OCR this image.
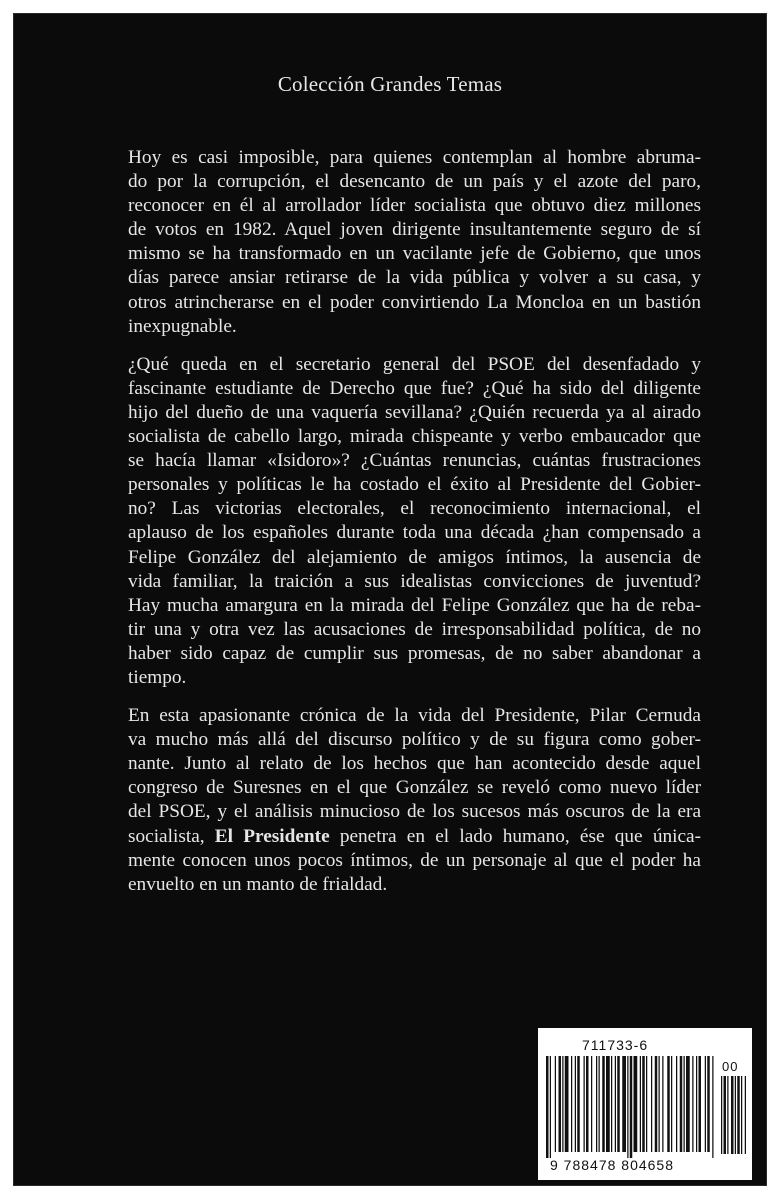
Colección Grandes Temas
Hoy es casi imposible, para quienes contemplan al hombre abruma-
do por la corrupción, el desencanto de un país y el azote del paro,
reconocer en él al arrollador líder socialista que obtuvo diez millones
de votos en 1982. Aquel joven dirigente insultantemente seguro de sí
mismo se ha transformado en un vacilante jefe de Gobierno, que unos
días parece ansiar retirarse de la vida pública y volver a su casa, y
otros atrincherarse en el poder convirtiendo La Moncloa en un bastión
inexpugnable.
¿Qué queda en el secretario general del PSOE del desenfadado y
fascinante estudiante de Derecho que fue? ¿Qué ha sido del diligente
hijo del dueño de una vaquería sevillana? ¿Quién recuerda ya al airado
socialista de cabello largo, mirada chispeante y verbo embaucador que
se hacía llamar «Isidoro»? ¿Cuántas renuncias, cuántas frustraciones
personales y políticas le ha costado el éxito al Presidente del Gobier-
no? Las victorias electorales, el reconocimiento internacional, el
aplauso de los españoles durante toda una década ¿han compensado a
Felipe González del alejamiento de amigos íntimos, la ausencia de
vida familiar, la traición a sus idealistas convicciones de juventud?
Hay mucha amargura en la mirada del Felipe González que ha de reba-
tir una y otra vez las acusaciones de irresponsabilidad política, de no
haber sido capaz de cumplir sus promesas, de no saber abandonar a
tiempo.
En esta apasionante crónica de la vida del Presidente, Pilar Cernuda
va mucho más allá del discurso político y de su figura como gober-
nante. Junto al relato de los hechos que han acontecido desde aquel
congreso de Suresnes en el que González se reveló como nuevo líder
del PSOE, y el análisis minucioso de los sucesos más oscuros de la era
socialista, El Presidente penetra en el lado humano, ése que única-
mente conocen unos pocos íntimos, de un personaje al que el poder ha
envuelto en un manto de frialdad.
711733-6
00
9 788478 804658
